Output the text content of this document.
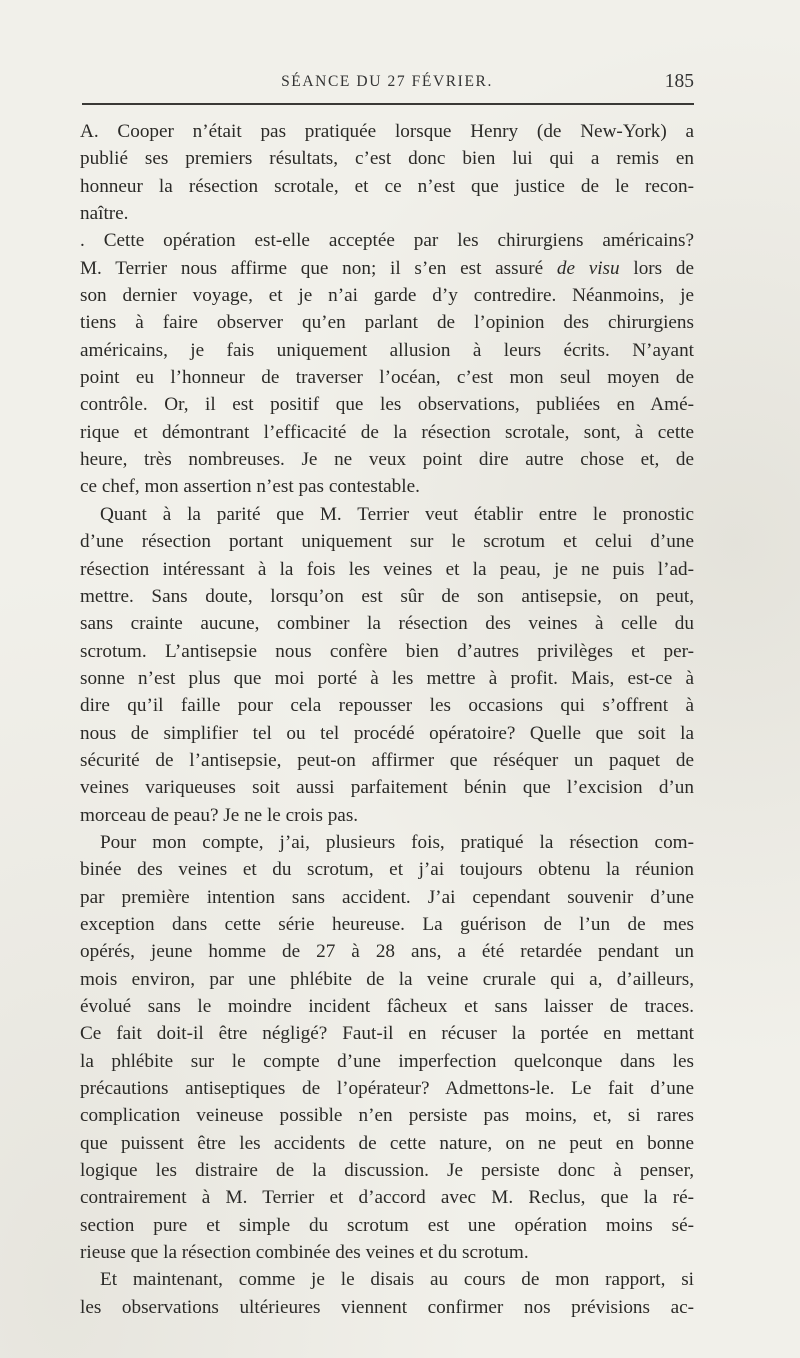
SÉANCE DU 27 FÉVRIER.	185
A. Cooper n’était pas pratiquée lorsque Henry (de New-York) a
publié ses premiers résultats, c’est donc bien lui qui a remis en
honneur la résection scrotale, et ce n’est que justice de le recon-
naître.
. Cette opération est-elle acceptée par les chirurgiens américains?
M. Terrier nous affirme que non; il s’en est assuré de visu lors de
son dernier voyage, et je n’ai garde d’y contredire. Néanmoins, je
tiens à faire observer qu’en parlant de l’opinion des chirurgiens
américains, je fais uniquement allusion à leurs écrits. N’ayant
point eu l’honneur de traverser l’océan, c’est mon seul moyen de
contrôle. Or, il est positif que les observations, publiées en Amé-
rique et démontrant l’efficacité de la résection scrotale, sont, à cette
heure, très nombreuses. Je ne veux point dire autre chose et, de
ce chef, mon assertion n’est pas contestable.
Quant à la parité que M. Terrier veut établir entre le pronostic
d’une résection portant uniquement sur le scrotum et celui d’une
résection intéressant à la fois les veines et la peau, je ne puis l’ad-
mettre. Sans doute, lorsqu’on est sûr de son antisepsie, on peut,
sans crainte aucune, combiner la résection des veines à celle du
scrotum. L’antisepsie nous confère bien d’autres privilèges et per-
sonne n’est plus que moi porté à les mettre à profit. Mais, est-ce à
dire qu’il faille pour cela repousser les occasions qui s’offrent à
nous de simplifier tel ou tel procédé opératoire? Quelle que soit la
sécurité de l’antisepsie, peut-on affirmer que réséquer un paquet de
veines variqueuses soit aussi parfaitement bénin que l’excision d’un
morceau de peau? Je ne le crois pas.
Pour mon compte, j’ai, plusieurs fois, pratiqué la résection com-
binée des veines et du scrotum, et j’ai toujours obtenu la réunion
par première intention sans accident. J’ai cependant souvenir d’une
exception dans cette série heureuse. La guérison de l’un de mes
opérés, jeune homme de 27 à 28 ans, a été retardée pendant un
mois environ, par une phlébite de la veine crurale qui a, d’ailleurs,
évolué sans le moindre incident fâcheux et sans laisser de traces.
Ce fait doit-il être négligé? Faut-il en récuser la portée en mettant
la phlébite sur le compte d’une imperfection quelconque dans les
précautions antiseptiques de l’opérateur? Admettons-le. Le fait d’une
complication veineuse possible n’en persiste pas moins, et, si rares
que puissent être les accidents de cette nature, on ne peut en bonne
logique les distraire de la discussion. Je persiste donc à penser,
contrairement à M. Terrier et d’accord avec M. Reclus, que la ré-
section pure et simple du scrotum est une opération moins sé-
rieuse que la résection combinée des veines et du scrotum.
Et maintenant, comme je le disais au cours de mon rapport, si
les observations ultérieures viennent confirmer nos prévisions ac-
